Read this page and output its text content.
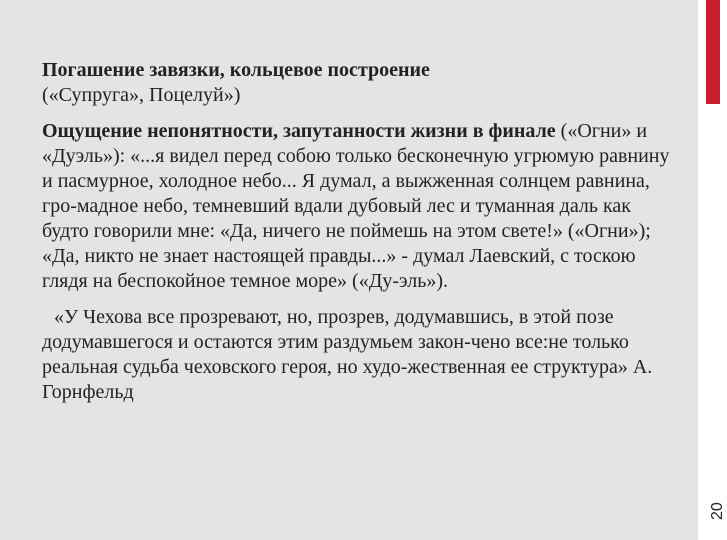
Погашение завязки, кольцевое построение
(«Супруга», Поцелуй»)

Ощущение непонятности, запутанности жизни в финале («Огни» и «Дуэль»): «...я видел перед собою только бесконечную угрюмую равнину и пасмурное, холодное небо... Я думал, а выжженная солнцем равнина, гро-мадное небо, темневший вдали дубовый лес и туманная даль как будто говорили мне: «Да, ничего не поймешь на этом свете!» («Огни»); «Да, никто не знает настоящей правды...» - думал Лаевский, с тоскою глядя на беспокойное темное море» («Ду-эль»).

«У Чехова все прозревают, но, прозрев, додумавшись, в этой позе додумавшегося и остаются этим раздумьем закон-чено все:не только реальная судьба чеховского героя, но худо-жественная ее структура» А. Горнфельд

20
